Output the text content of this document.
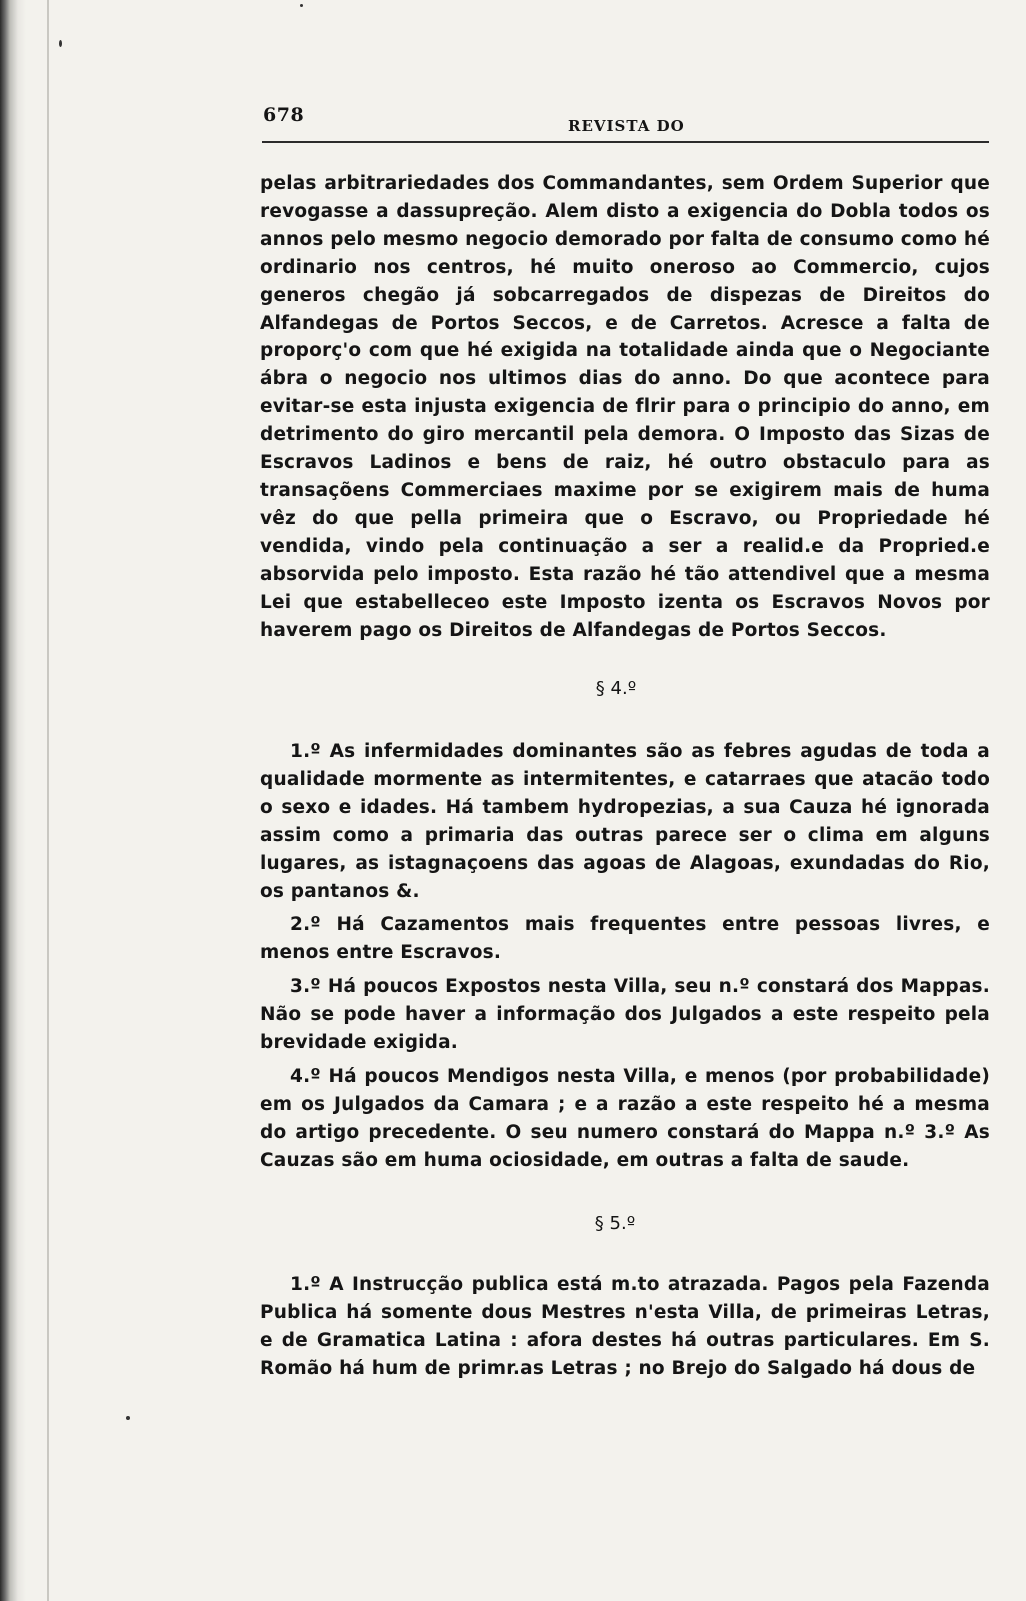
678	REVISTA DO

pelas arbitrariedades dos Commandantes, sem Ordem Superior que revogasse a dassupreção. Alem disto a exigencia do Dobla todos os annos pelo mesmo negocio demorado por falta de consumo como hé ordinario nos centros, hé muito oneroso ao Commercio, cujos generos chegão já sobcarregados de dispezas de Direitos do Alfandegas de Portos Seccos, e de Carretos. Acresce a falta de proporç'o com que hé exigida na totalidade ainda que o Negociante ábra o negocio nos ultimos dias do anno. Do que acontece para evitar-se esta injusta exigencia de flrir para o principio do anno, em detrimento do giro mercantil pela demora. O Imposto das Sizas de Escravos Ladinos e bens de raiz, hé outro obstaculo para as transaçõens Commerciaes maxime por se exigirem mais de huma vêz do que pella primeira que o Escravo, ou Propriedade hé vendida, vindo pela continuação a ser a realid.e da Propried.e absorvida pelo imposto. Esta razão hé tão attendivel que a mesma Lei que estabelleceo este Imposto izenta os Escravos Novos por haverem pago os Direitos de Alfandegas de Portos Seccos.

§ 4.º

1.º As infermidades dominantes são as febres agudas de toda a qualidade mormente as intermitentes, e catarraes que atacão todo o sexo e idades. Há tambem hydropezias, a sua Cauza hé ignorada assim como a primaria das outras parece ser o clima em alguns lugares, as istagnaçoens das agoas de Alagoas, exundadas do Rio, os pantanos &.

2.º Há Cazamentos mais frequentes entre pessoas livres, e menos entre Escravos.

3.º Há poucos Expostos nesta Villa, seu n.º constará dos Mappas. Não se pode haver a informação dos Julgados a este respeito pela brevidade exigida.

4.º Há poucos Mendigos nesta Villa, e menos (por probabilidade) em os Julgados da Camara ; e a razão a este respeito hé a mesma do artigo precedente. O seu numero constará do Mappa n.º 3.º As Cauzas são em huma ociosidade, em outras a falta de saude.

§ 5.º

1.º A Instrucção publica está m.to atrazada. Pagos pela Fazenda Publica há somente dous Mestres n'esta Villa, de primeiras Letras, e de Gramatica Latina : afora destes há outras particulares. Em S. Romão há hum de primr.as Letras ; no Brejo do Salgado há dous de
